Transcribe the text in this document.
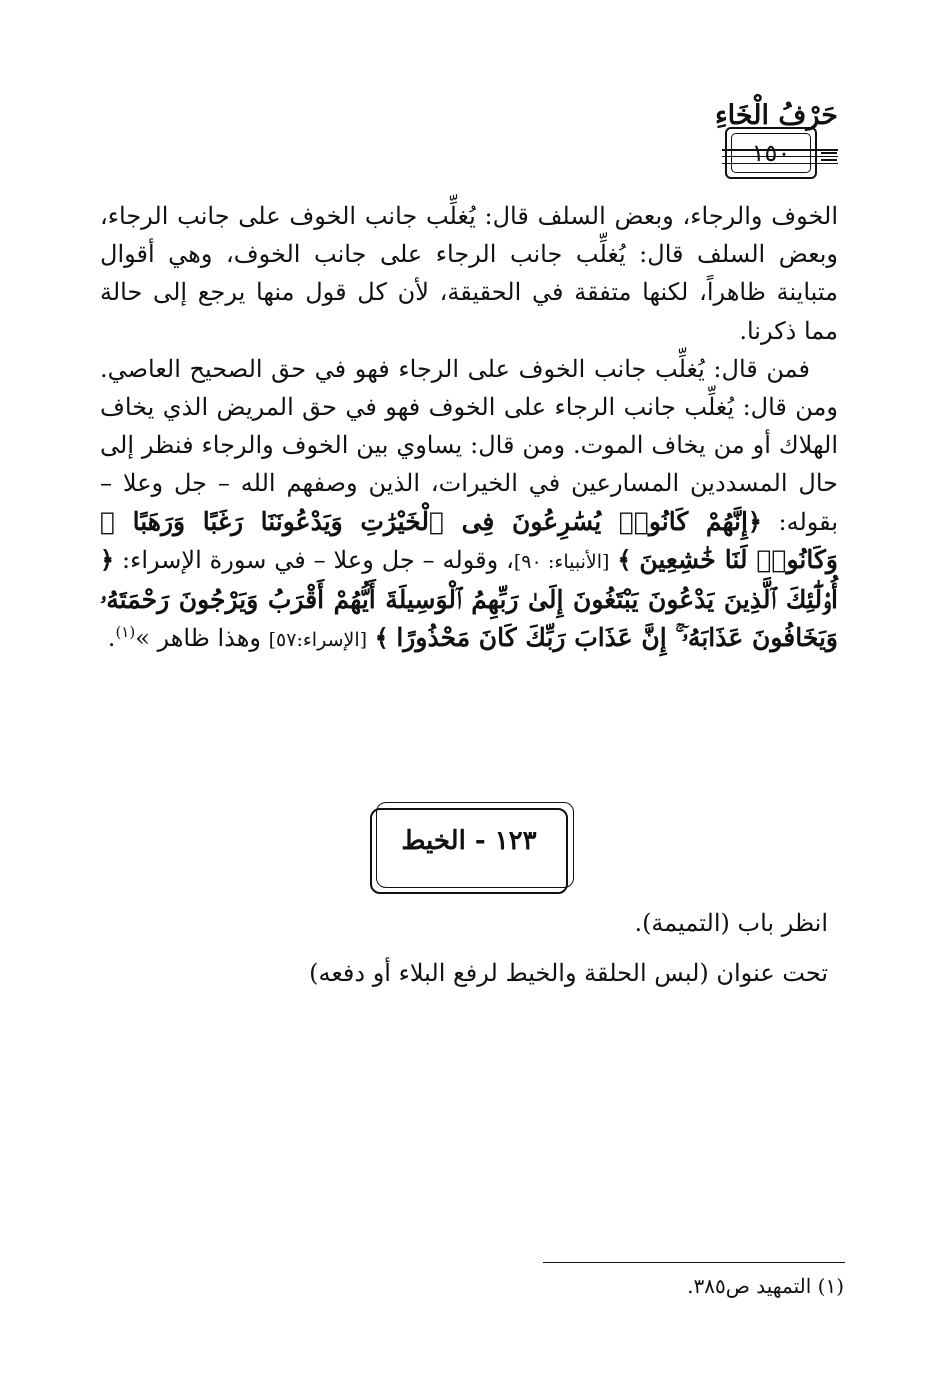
حَرْفُ الْخَاءِ
١٥٠

الخوف والرجاء، وبعض السلف قال: يُغلِّب جانب الخوف على جانب الرجاء، وبعض السلف قال: يُغلِّب جانب الرجاء على جانب الخوف، وهي أقوال متباينة ظاهراً، لكنها متفقة في الحقيقة، لأن كل قول منها يرجع إلى حالة مما ذكرنا.

فمن قال: يُغلِّب جانب الخوف على الرجاء فهو في حق الصحيح العاصي. ومن قال: يُغلِّب جانب الرجاء على الخوف فهو في حق المريض الذي يخاف الهلاك أو من يخاف الموت. ومن قال: يساوي بين الخوف والرجاء فنظر إلى حال المسددين المسارعين في الخيرات، الذين وصفهم الله – جل وعلا – بقوله: ﴿إِنَّهُمْ كَانُوا۟ يُسَٰرِعُونَ فِى ٱلْخَيْرَٰتِ وَيَدْعُونَنَا رَغَبًا وَرَهَبًا ۖ وَكَانُوا۟ لَنَا خَٰشِعِينَ ﴾ [الأنبياء: ٩٠]، وقوله – جل وعلا – في سورة الإسراء: ﴿ أُو۟لَٰٓئِكَ ٱلَّذِينَ يَدْعُونَ يَبْتَغُونَ إِلَىٰ رَبِّهِمُ ٱلْوَسِيلَةَ أَيُّهُمْ أَقْرَبُ وَيَرْجُونَ رَحْمَتَهُۥ وَيَخَافُونَ عَذَابَهُۥٓ ۚ إِنَّ عَذَابَ رَبِّكَ كَانَ مَحْذُورًا ﴾ [الإسراء:٥٧] وهذا ظاهر »$^{(١)}$.

١٢٣ - الخيط

انظر باب (التميمة).

تحت عنوان (لبس الحلقة والخيط لرفع البلاء أو دفعه)

(١) التمهيد ص٣٨٥.
